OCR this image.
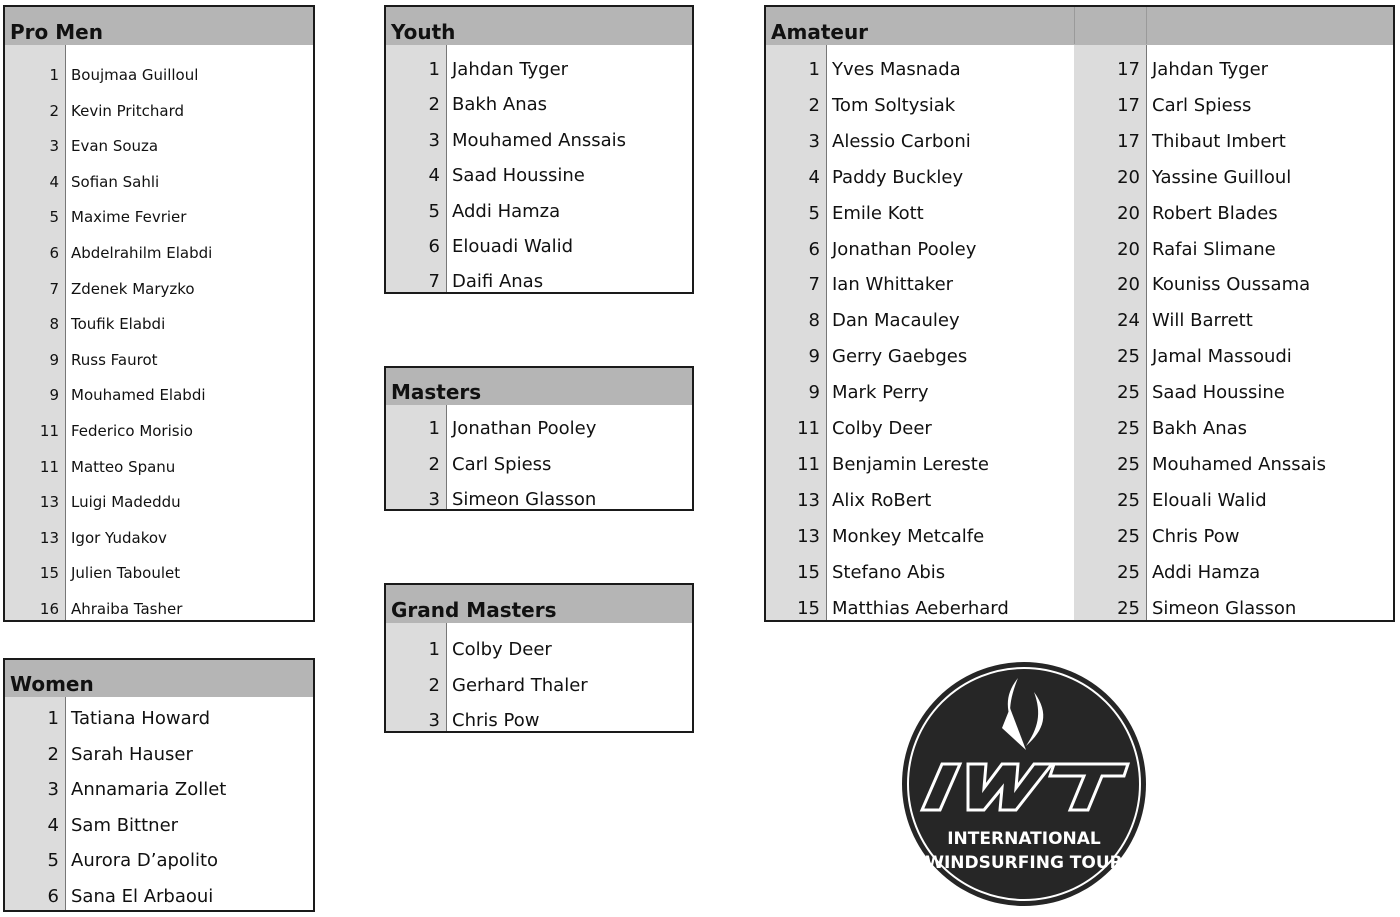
Pro Men
1 Boujmaa Guilloul
2 Kevin Pritchard
3 Evan Souza
4 Sofian Sahli
5 Maxime Fevrier
6 Abdelrahilm Elabdi
7 Zdenek Maryzko
8 Toufik Elabdi
9 Russ Faurot
9 Mouhamed Elabdi
11 Federico Morisio
11 Matteo Spanu
13 Luigi Madeddu
13 Igor Yudakov
15 Julien Taboulet
16 Ahraiba Tasher
Women
1 Tatiana Howard
2 Sarah Hauser
3 Annamaria Zollet
4 Sam Bittner
5 Aurora D’apolito
6 Sana El Arbaoui
Youth
1 Jahdan Tyger
2 Bakh Anas
3 Mouhamed Anssais
4 Saad Houssine
5 Addi Hamza
6 Elouadi Walid
7 Daifi Anas
Masters
1 Jonathan Pooley
2 Carl Spiess
3 Simeon Glasson
Grand Masters
1 Colby Deer
2 Gerhard Thaler
3 Chris Pow
Amateur
1 Yves Masnada	17 Jahdan Tyger
2 Tom Soltysiak	17 Carl Spiess
3 Alessio Carboni	17 Thibaut Imbert
4 Paddy Buckley	20 Yassine Guilloul
5 Emile Kott	20 Robert Blades
6 Jonathan Pooley	20 Rafai Slimane
7 Ian Whittaker	20 Kouniss Oussama
8 Dan Macauley	24 Will Barrett
9 Gerry Gaebges	25 Jamal Massoudi
9 Mark Perry	25 Saad Houssine
11 Colby Deer	25 Bakh Anas
11 Benjamin Lereste	25 Mouhamed Anssais
13 Alix RoBert	25 Elouali Walid
13 Monkey Metcalfe	25 Chris Pow
15 Stefano Abis	25 Addi Hamza
15 Matthias Aeberhard	25 Simeon Glasson
INTERNATIONAL
WINDSURFING TOUR
